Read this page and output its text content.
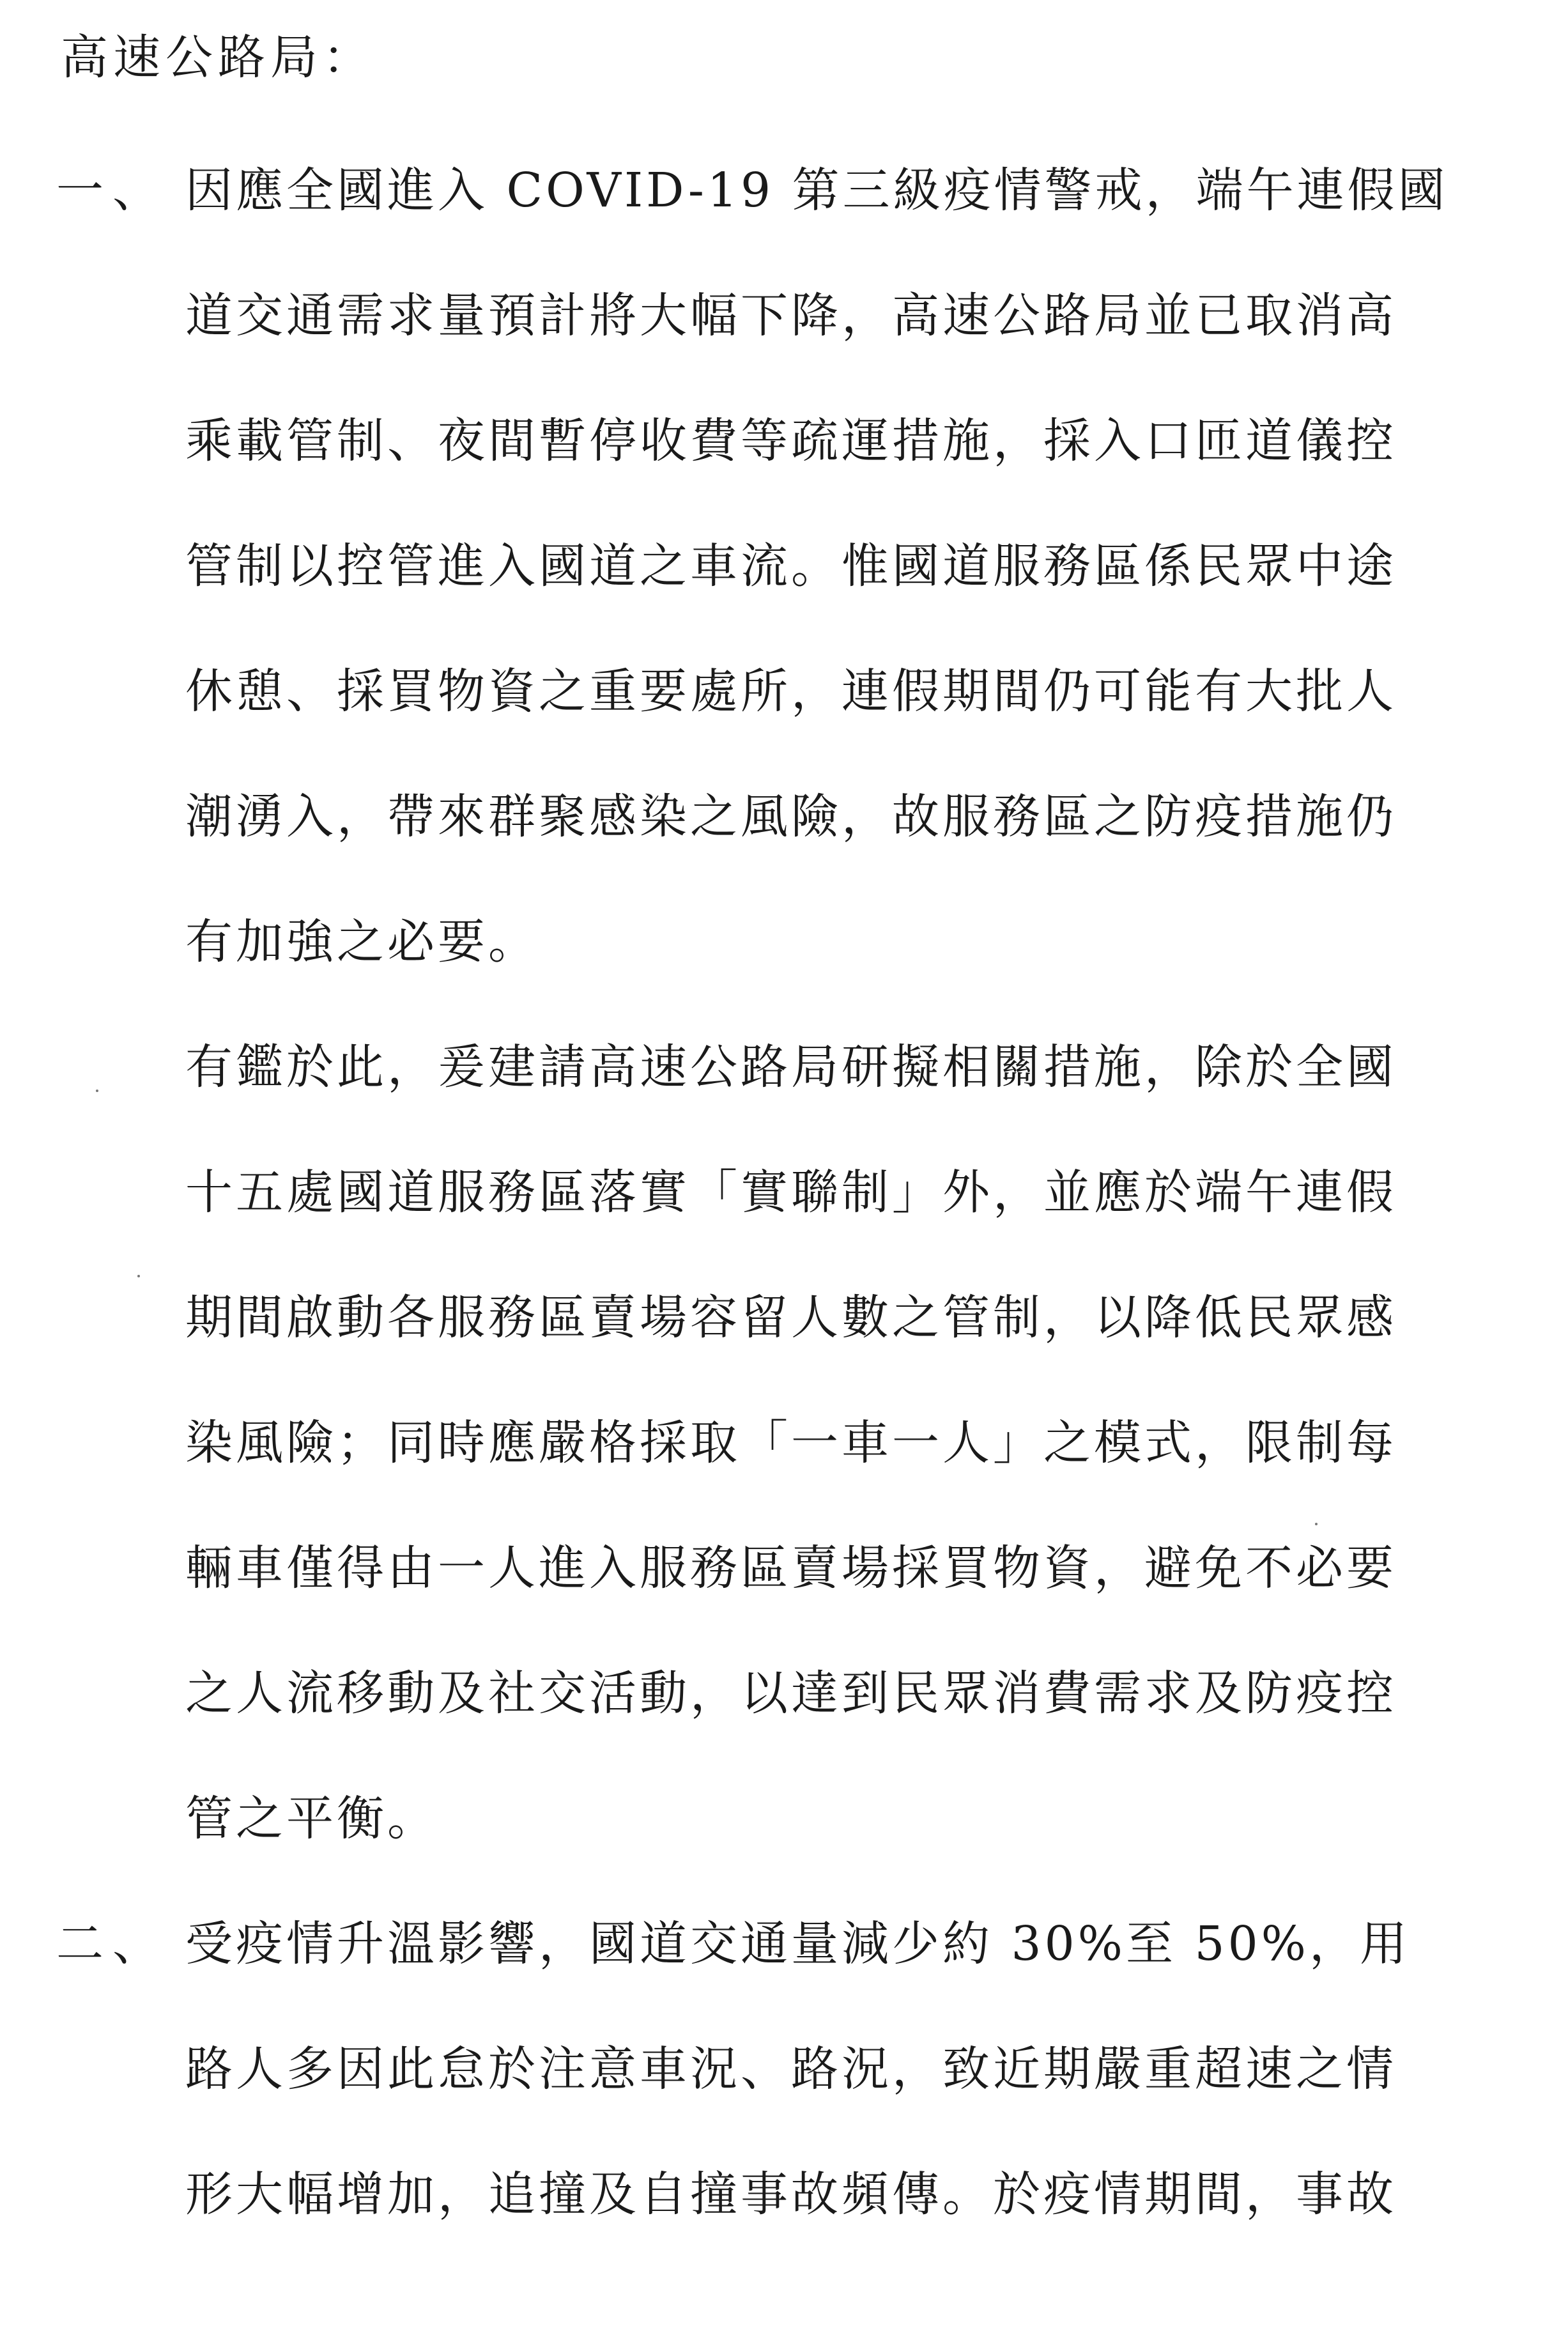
高速公路局：
一、 因應全國進入 COVID-19 第三級疫情警戒，端午連假國
道交通需求量預計將大幅下降，高速公路局並已取消高
乘載管制、夜間暫停收費等疏運措施，採入口匝道儀控
管制以控管進入國道之車流。惟國道服務區係民眾中途
休憩、採買物資之重要處所，連假期間仍可能有大批人
潮湧入，帶來群聚感染之風險，故服務區之防疫措施仍
有加強之必要。
有鑑於此，爰建請高速公路局研擬相關措施，除於全國
十五處國道服務區落實「實聯制」外，並應於端午連假
期間啟動各服務區賣場容留人數之管制，以降低民眾感
染風險；同時應嚴格採取「一車一人」之模式，限制每
輛車僅得由一人進入服務區賣場採買物資，避免不必要
之人流移動及社交活動，以達到民眾消費需求及防疫控
管之平衡。
二、 受疫情升溫影響，國道交通量減少約 30%至 50%，用
路人多因此怠於注意車況、路況，致近期嚴重超速之情
形大幅增加，追撞及自撞事故頻傳。於疫情期間，事故
